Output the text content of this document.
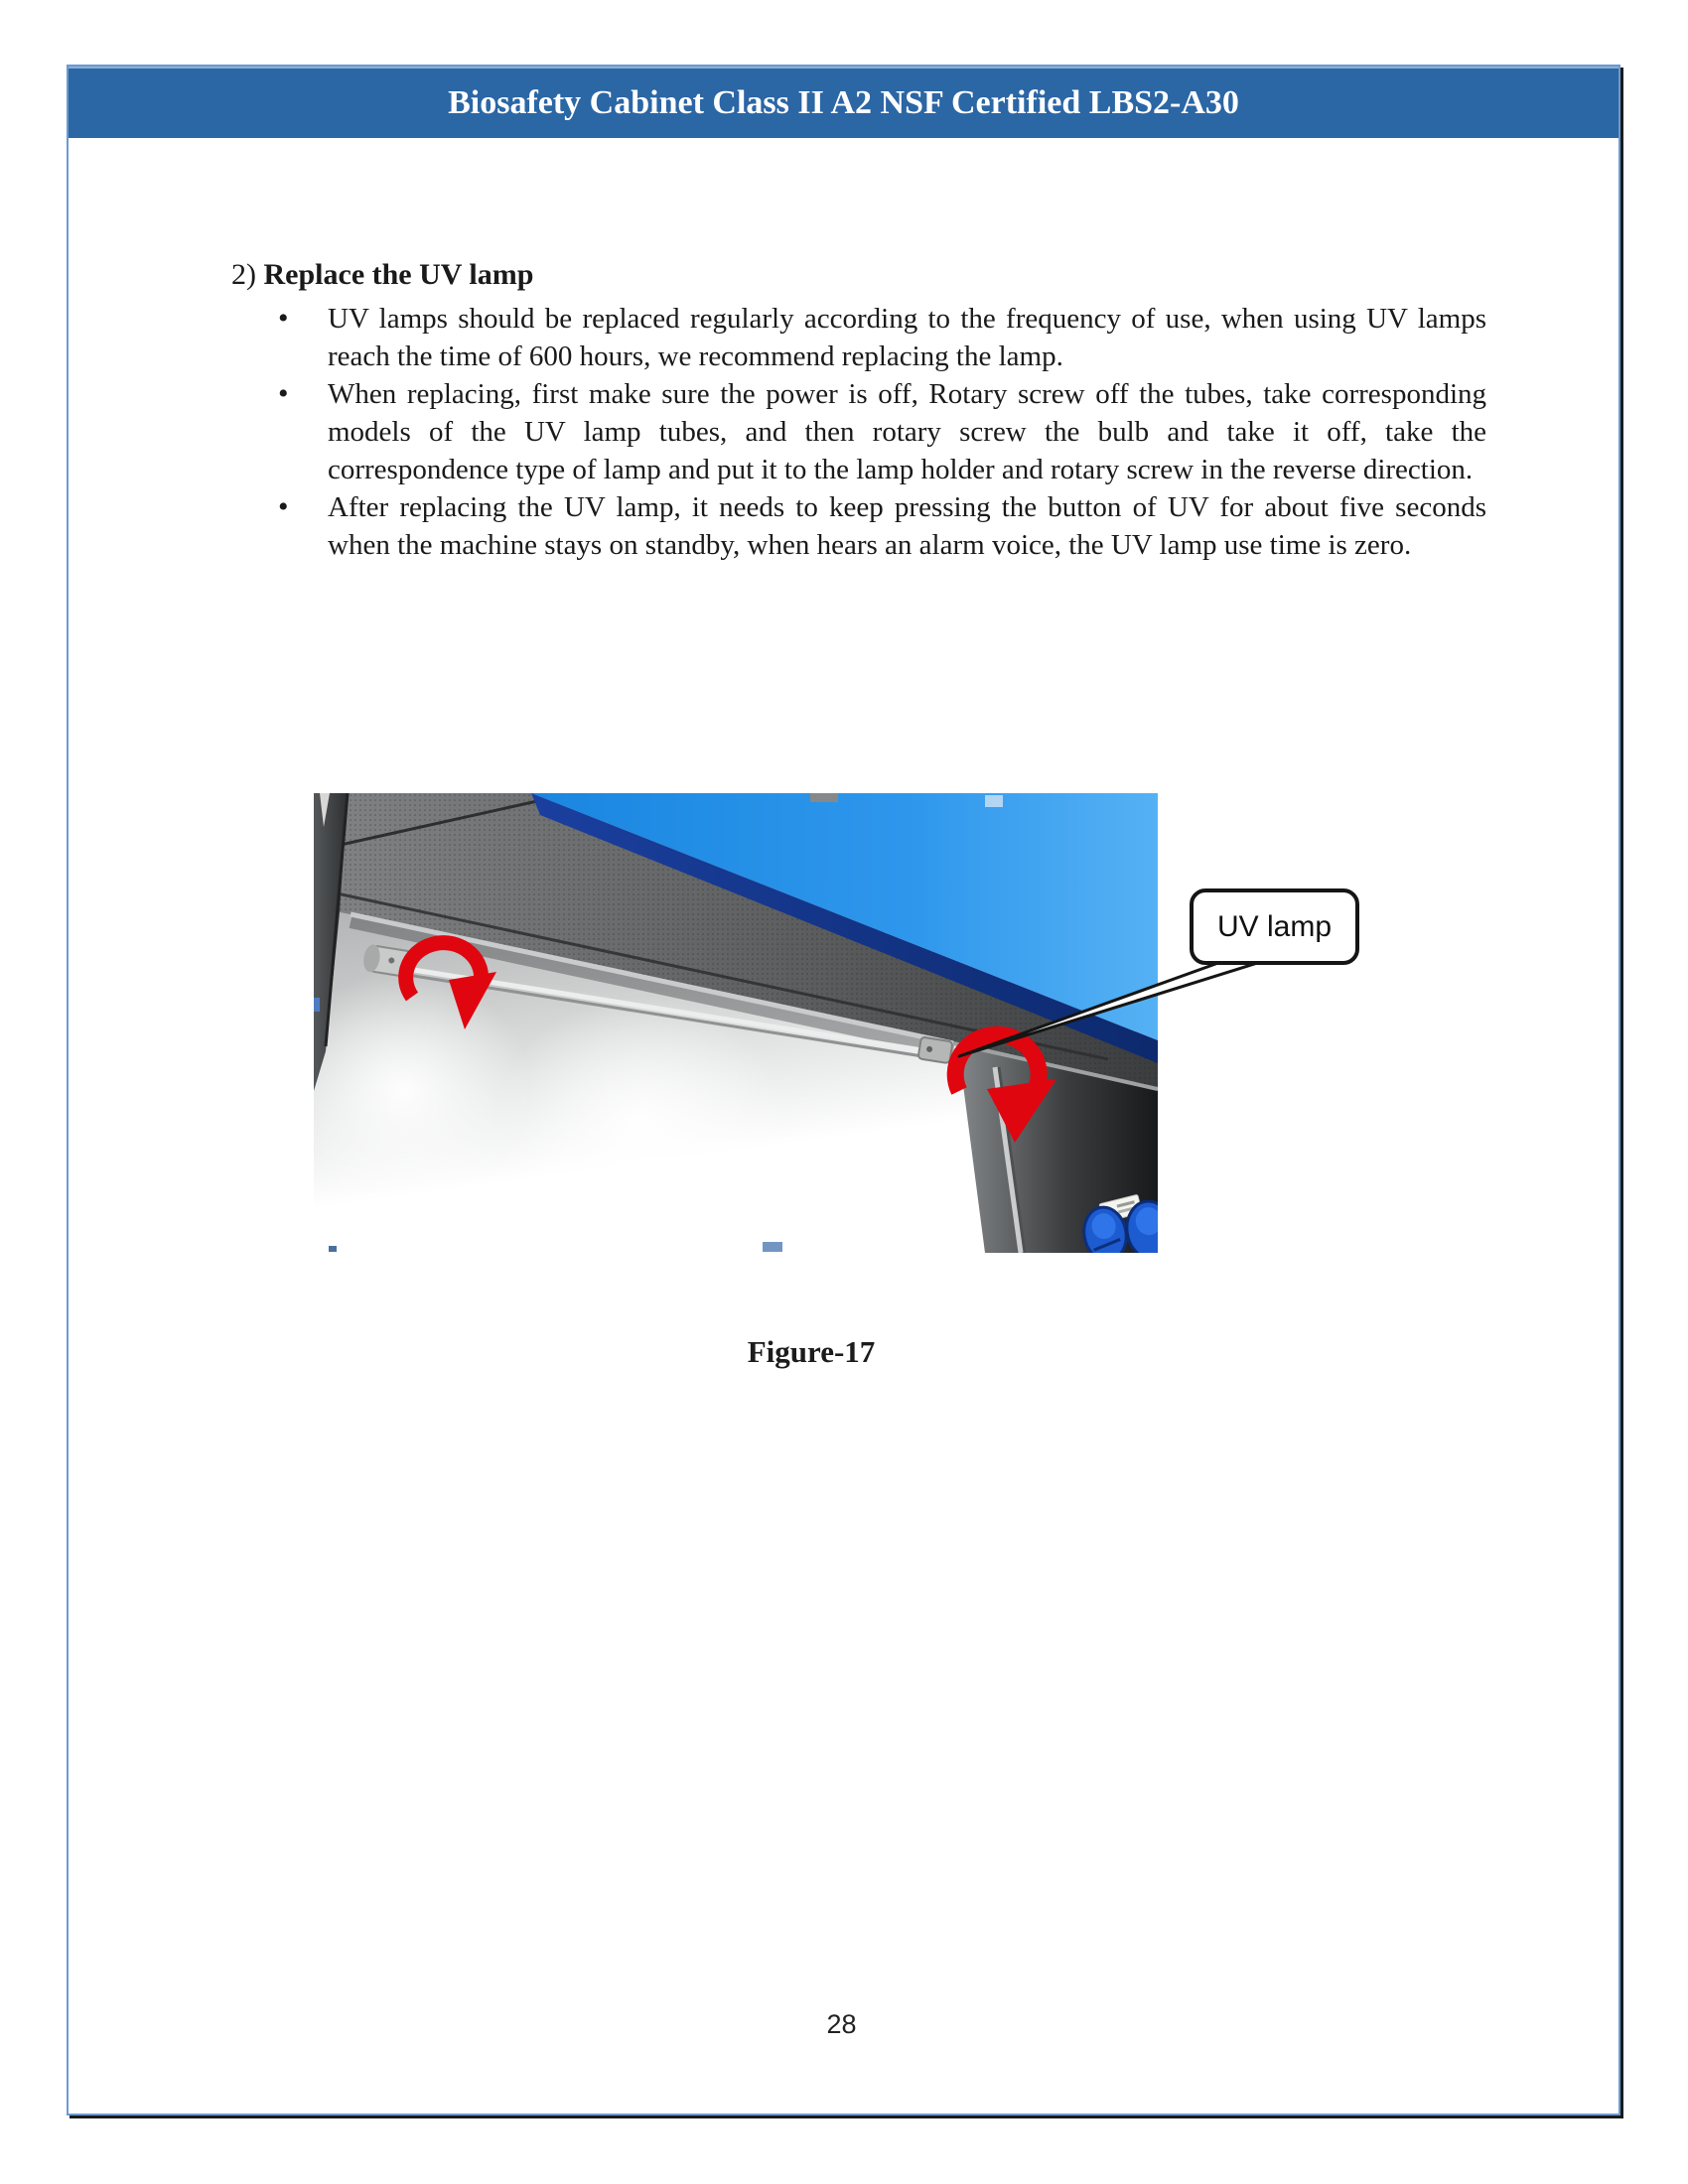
Biosafety Cabinet Class II A2 NSF Certified LBS2-A30
2) Replace the UV lamp
• UV lamps should be replaced regularly according to the frequency of use, when using UV lamps reach the time of 600 hours, we recommend replacing the lamp.
• When replacing, first make sure the power is off, Rotary screw off the tubes, take corresponding models of the UV lamp tubes, and then rotary screw the bulb and take it off, take the correspondence type of lamp and put it to the lamp holder and rotary screw in the reverse direction.
• After replacing the UV lamp, it needs to keep pressing the button of UV for about five seconds when the machine stays on standby, when hears an alarm voice, the UV lamp use time is zero.
UV lamp
Figure-17
28
